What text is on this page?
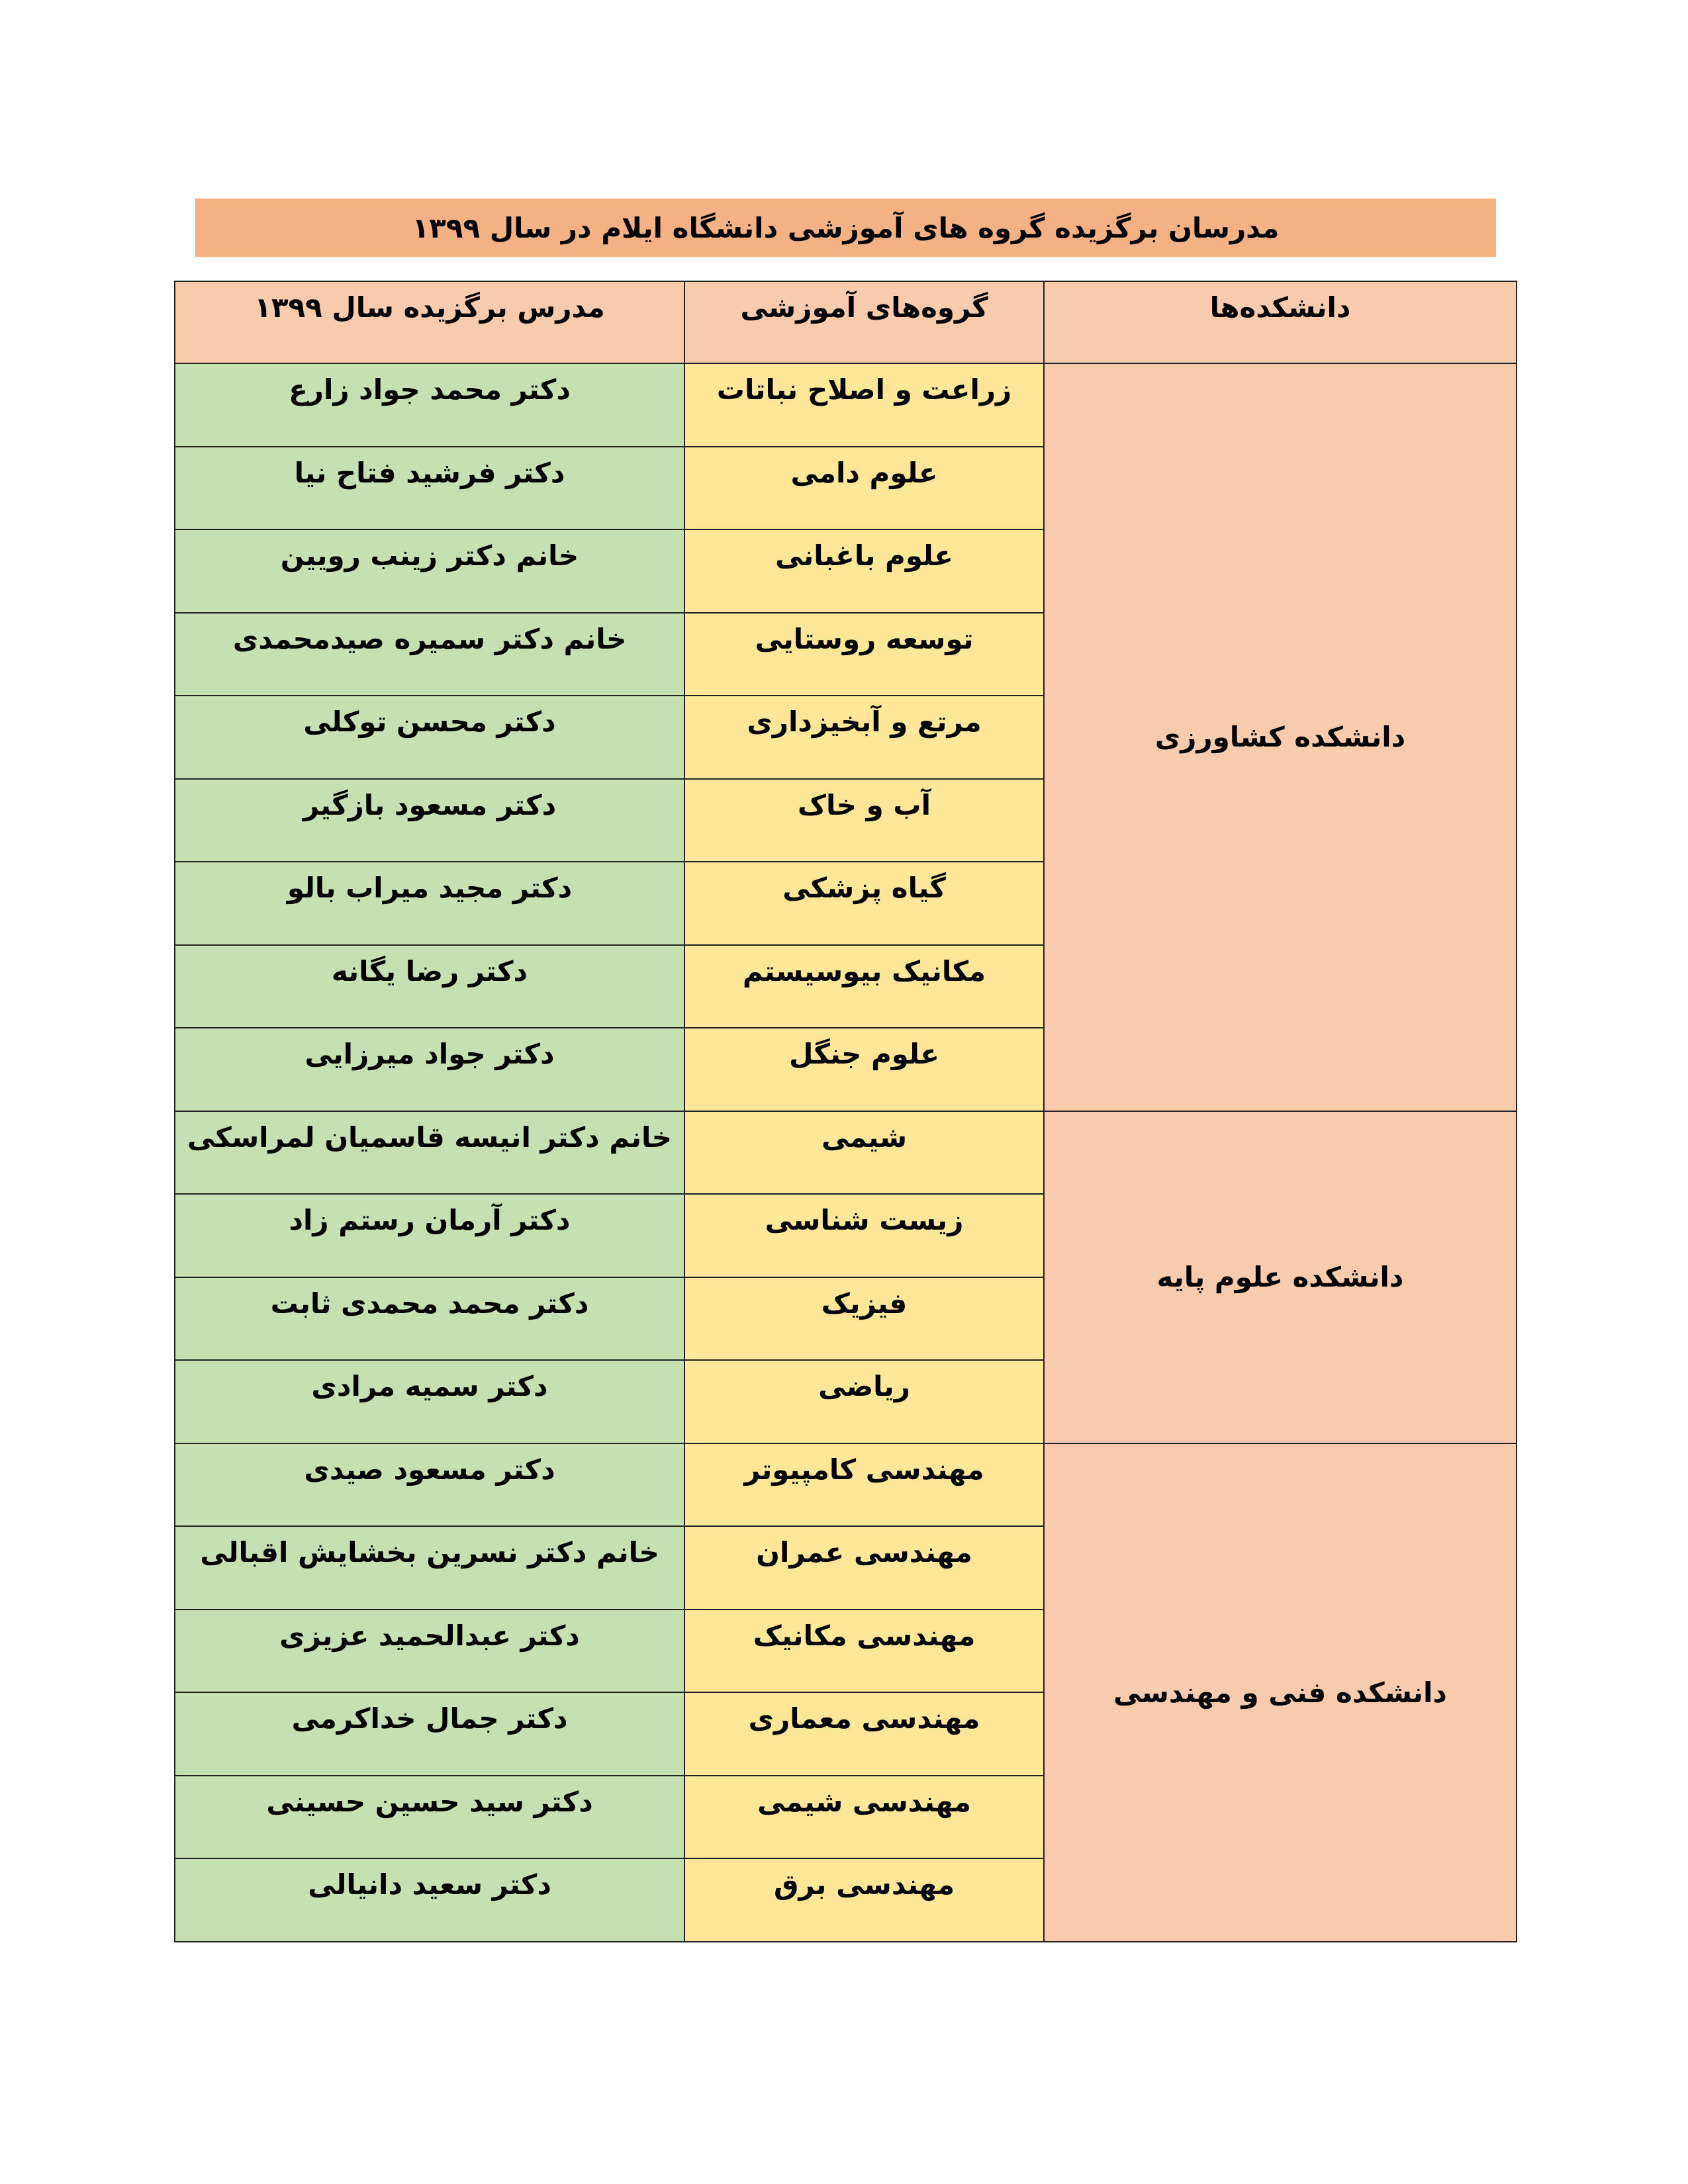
مدرسان برگزیده گروه های آموزشی دانشگاه ایلام در سال ۱۳۹۹
دانشکده‌ها	گروه‌های آموزشی	مدرس برگزیده سال ۱۳۹۹
دانشکده کشاورزی	زراعت و اصلاح نباتات	دکتر محمد جواد زارع
	علوم دامی	دکتر فرشید فتاح نیا
	علوم باغبانی	خانم دکتر زینب رویین
	توسعه روستایی	خانم دکتر سمیره صیدمحمدی
	مرتع و آبخیزداری	دکتر محسن توکلی
	آب و خاک	دکتر مسعود بازگیر
	گیاه پزشکی	دکتر مجید میراب بالو
	مکانیک بیوسیستم	دکتر رضا یگانه
	علوم جنگل	دکتر جواد میرزایی
دانشکده علوم پایه	شیمی	خانم دکتر انیسه قاسمیان لمراسکی
	زیست شناسی	دکتر آرمان رستم زاد
	فیزیک	دکتر محمد محمدی ثابت
	ریاضی	دکتر سمیه مرادی
دانشکده فنی و مهندسی	مهندسی کامپیوتر	دکتر مسعود صیدی
	مهندسی عمران	خانم دکتر نسرین بخشایش اقبالی
	مهندسی مکانیک	دکتر عبدالحمید عزیزی
	مهندسی معماری	دکتر جمال خداکرمی
	مهندسی شیمی	دکتر سید حسین حسینی
	مهندسی برق	دکتر سعید دانیالی
